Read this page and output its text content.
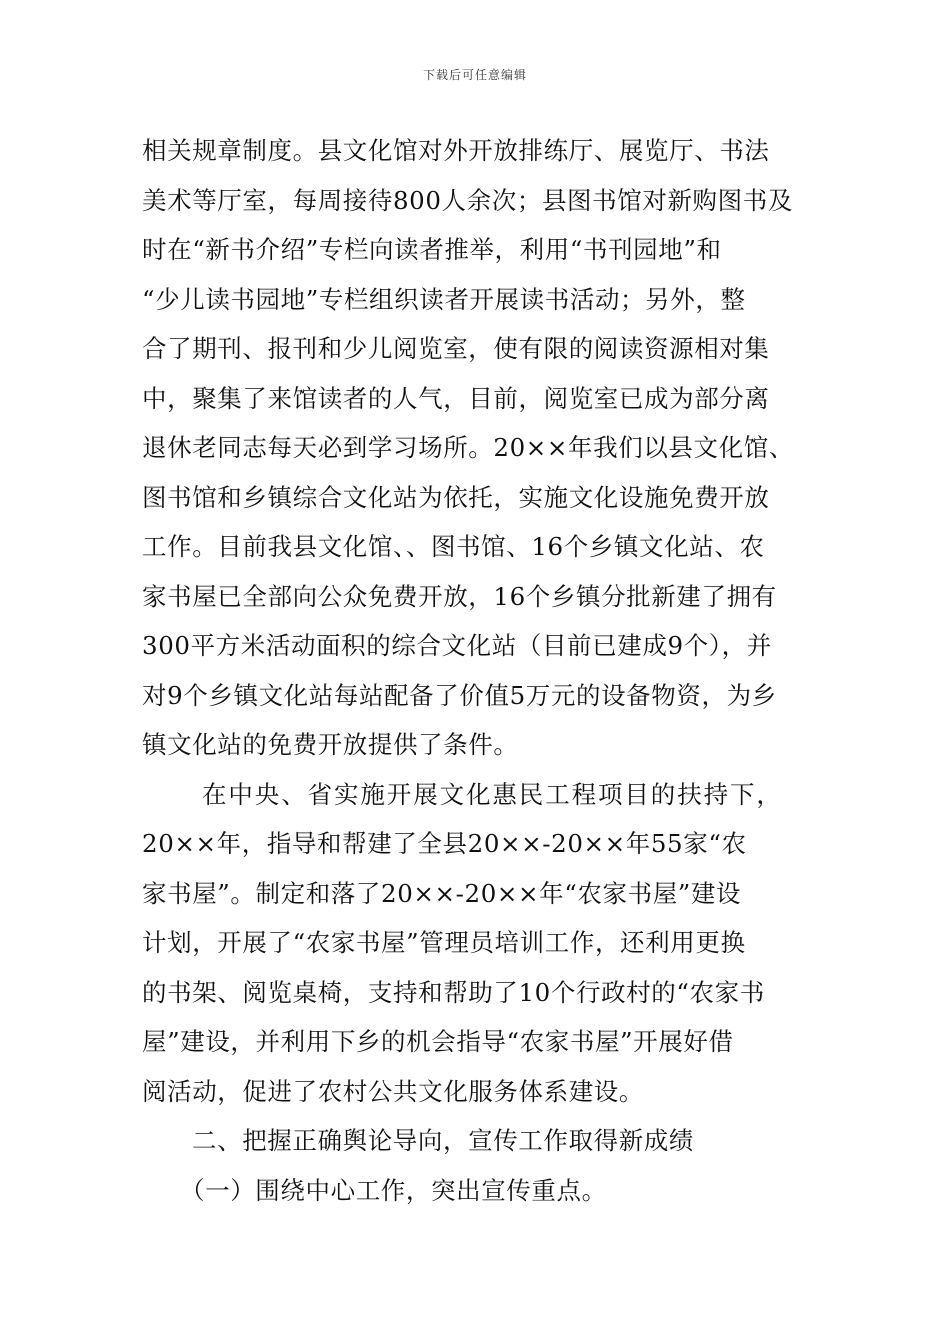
下载后可任意编辑
相关规章制度。县文化馆对外开放排练厅、展览厅、书法
美术等厅室，每周接待800人余次；县图书馆对新购图书及
时在“新书介绍”专栏向读者推举，利用“书刊园地”和
“少儿读书园地”专栏组织读者开展读书活动；另外，整
合了期刊、报刊和少儿阅览室，使有限的阅读资源相对集
中，聚集了来馆读者的人气，目前，阅览室已成为部分离
退休老同志每天必到学习场所。20××年我们以县文化馆、
图书馆和乡镇综合文化站为依托，实施文化设施免费开放
工作。目前我县文化馆、、图书馆、16个乡镇文化站、农
家书屋已全部向公众免费开放，16个乡镇分批新建了拥有
300平方米活动面积的综合文化站（目前已建成9个），并
对9个乡镇文化站每站配备了价值5万元的设备物资，为乡
镇文化站的免费开放提供了条件。
在中央、省实施开展文化惠民工程项目的扶持下，
20××年，指导和帮建了全县20××-20××年55家“农
家书屋”。制定和落了20××-20××年“农家书屋”建设
计划，开展了“农家书屋”管理员培训工作，还利用更换
的书架、阅览桌椅，支持和帮助了10个行政村的“农家书
屋”建设，并利用下乡的机会指导“农家书屋”开展好借
阅活动，促进了农村公共文化服务体系建设。
二、把握正确舆论导向，宣传工作取得新成绩
（一）围绕中心工作，突出宣传重点。
